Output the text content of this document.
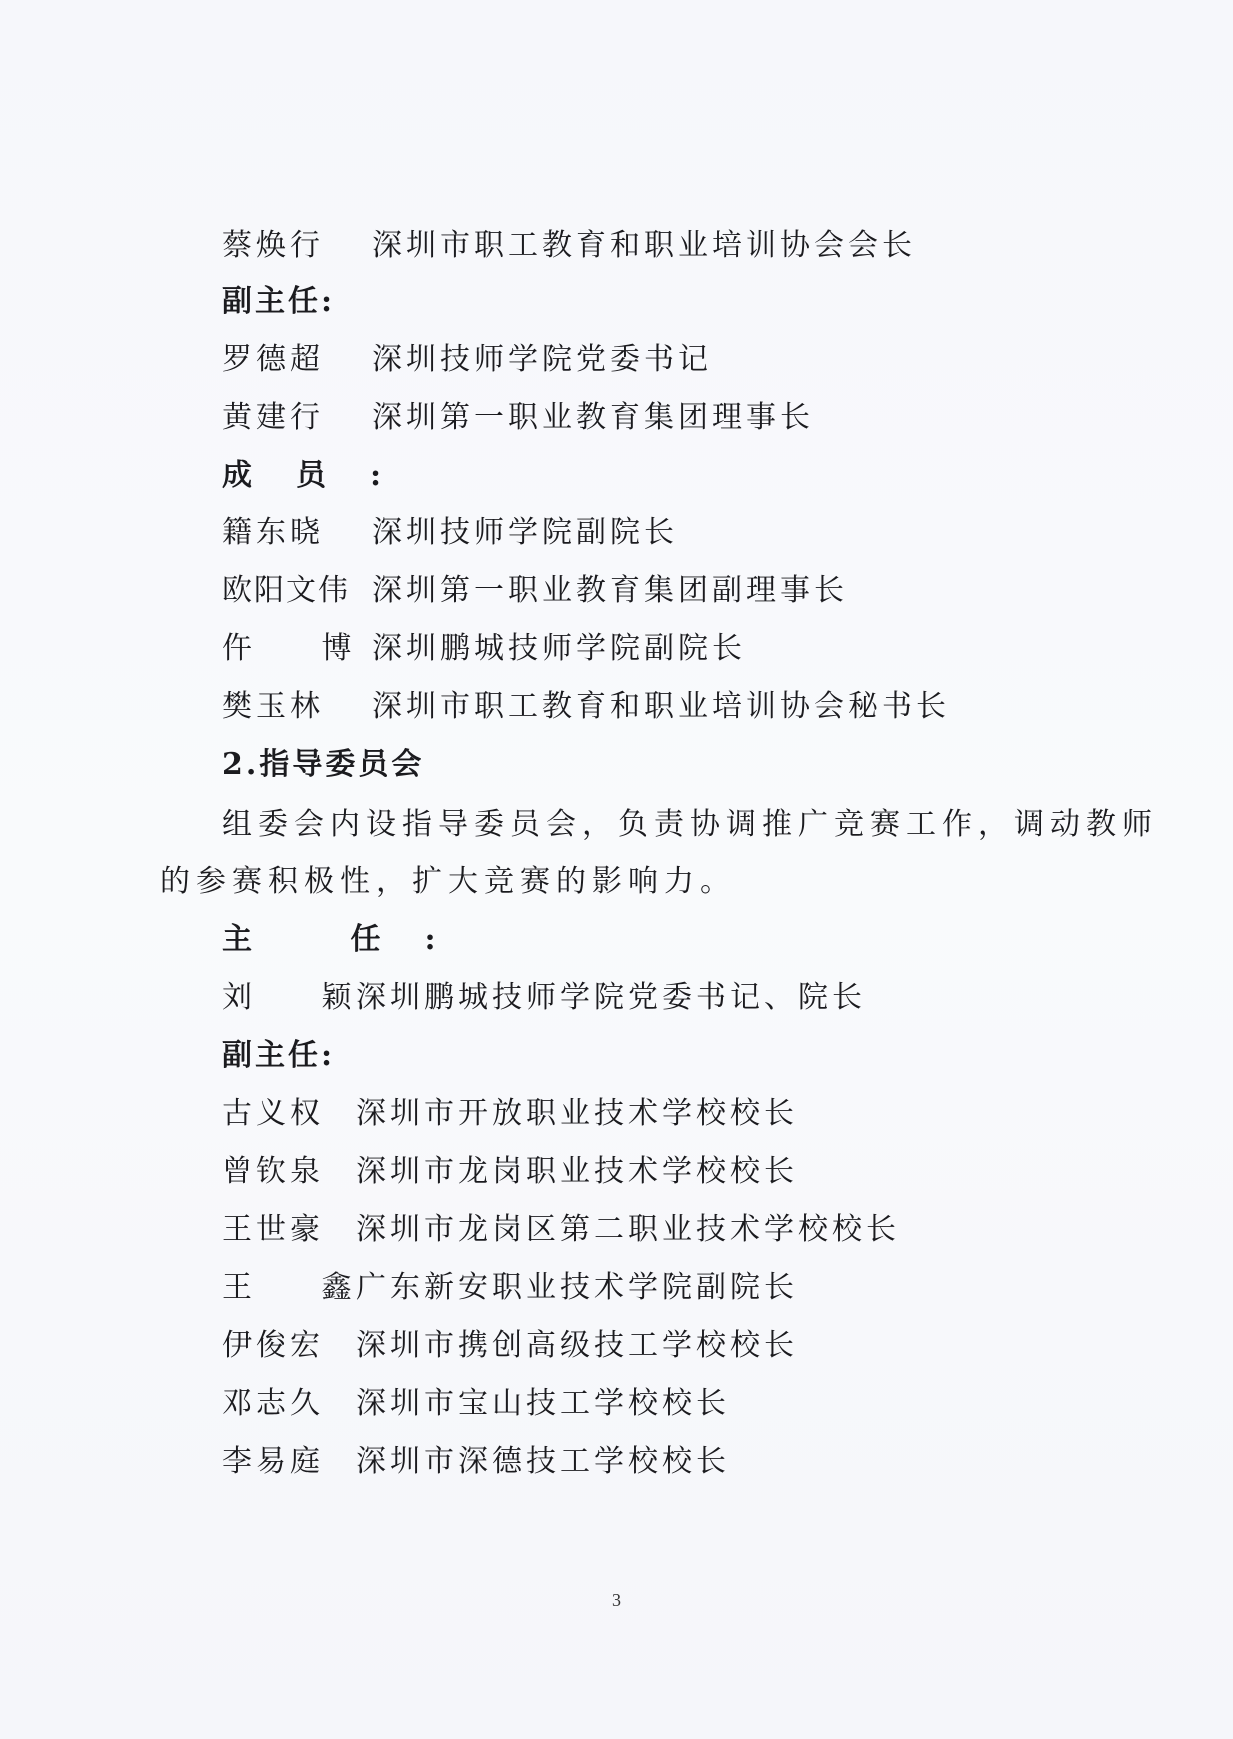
蔡焕行 深圳市职工教育和职业培训协会会长
副主任:
罗德超 深圳技师学院党委书记
黄建行 深圳第一职业教育集团理事长
成员:
籍东晓 深圳技师学院副院长
欧阳文伟 深圳第一职业教育集团副理事长
仵 博
深圳鹏城技师学院副院长
樊玉林 深圳市职工教育和职业培训协会秘书长
2.指导委员会
组委会内设指导委员会，负责协调推广竞赛工作，调动教师
的参赛积极性，扩大竞赛的影响力。
主 任:
刘 颖
深圳鹏城技师学院党委书记、院长
副主任:
古义权 深圳市开放职业技术学校校长
曾钦泉 深圳市龙岗职业技术学校校长
王世豪 深圳市龙岗区第二职业技术学校校长
王 鑫
广东新安职业技术学院副院长
伊俊宏 深圳市携创高级技工学校校长
邓志久 深圳市宝山技工学校校长
李易庭 深圳市深德技工学校校长
3
